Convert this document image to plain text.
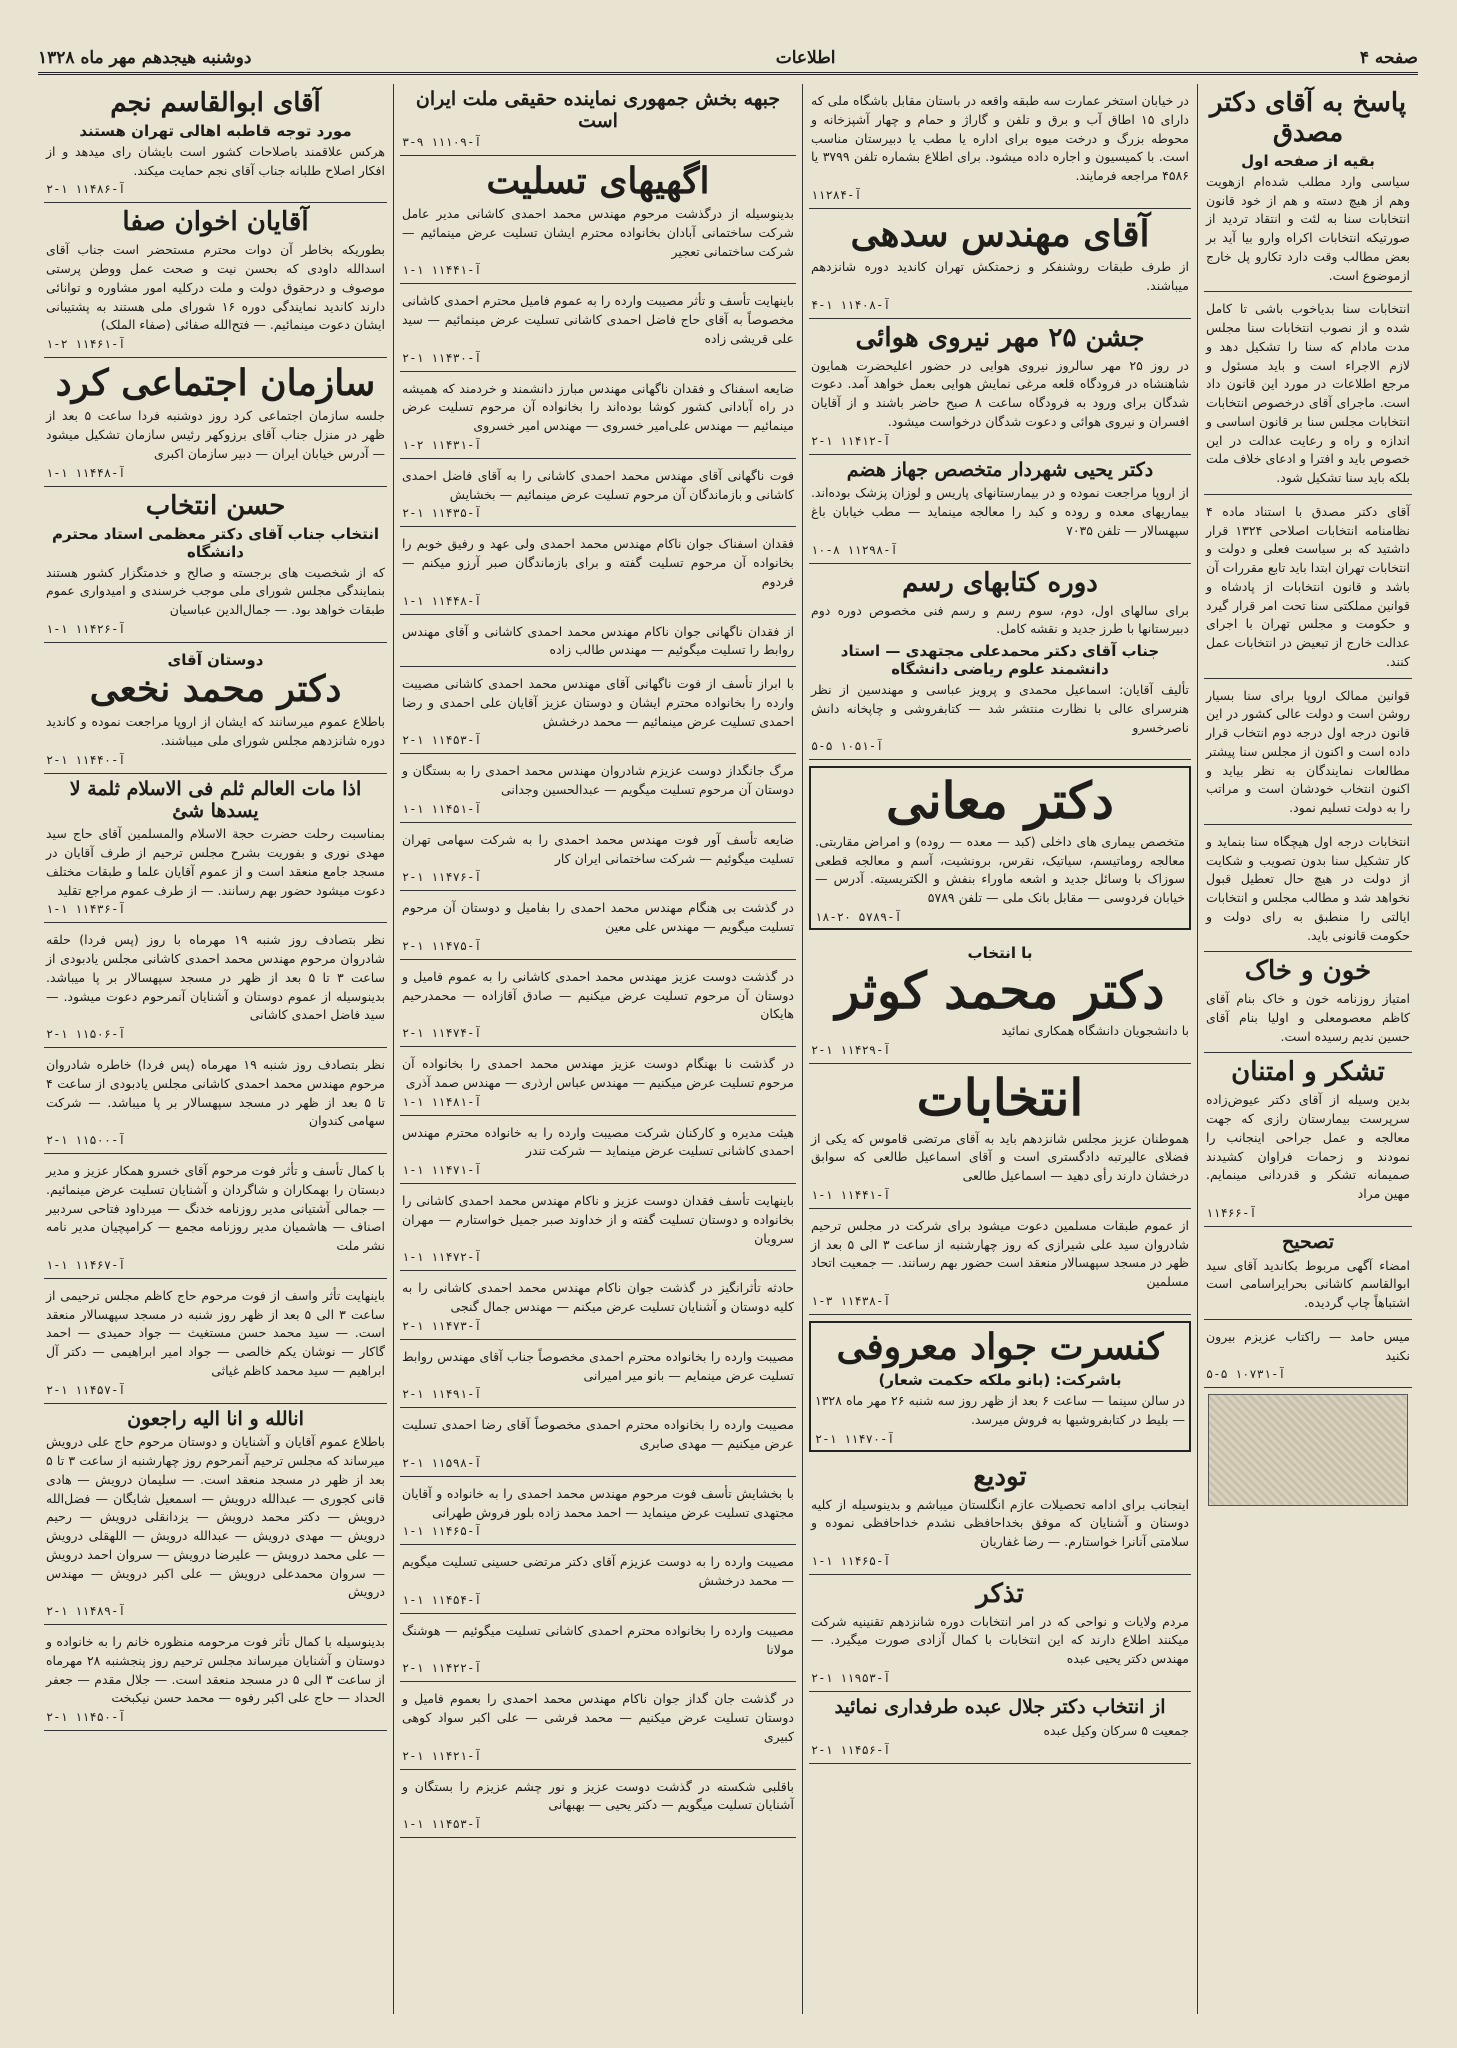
صفحه ۴
اطلاعات
دوشنبه هیجدهم مهر ماه ۱۳۲۸
پاسخ به آقای دکتر مصدق
بقیه از صفحه اول
سیاسی وارد مطلب شده‌ام ازهویت وهم از هیچ دسته و هم از خود قانون انتخابات سنا به لئت و انتقاد تردید از صورتیکه انتخابات اکراه وارو بیا آید بر بعض مطالب وقت دارد تکارو پل خارج ازموضوع است.
انتخابات سنا بدیاخوب باشی تا کامل شده و از نصوب انتخابات سنا مجلس مدت مادام که سنا را تشکیل دهد و لازم الاجراء است و باید مسئول و مرجع اطلاعات در مورد این قانون داد است. ماجرای آقای درخصوص انتخابات انتخابات مجلس سنا بر قانون اساسی و اندازه و راه و رعایت عدالت در این خصوص باید و افترا و ادعای خلاف ملت بلکه باید سنا تشکیل شود.
آقای دکتر مصدق با استناد ماده ۴ نظامنامه انتخابات اصلاحی ۱۳۲۴ قرار داشتید که بر سیاست فعلی و دولت و انتخابات تهران ابتدا باید تابع مقررات آن باشد و قانون انتخابات از پادشاه و قوانین مملکتی سنا تحت امر قرار گیرد و حکومت و مجلس تهران با اجرای عدالت خارج از تبعیض در انتخابات عمل کنند.
قوانین ممالک اروپا برای سنا بسیار روشن است و دولت عالی کشور در این قانون درجه اول درجه دوم انتخاب قرار داده است و اکنون از مجلس سنا پیشتر مطالعات نمایندگان به نظر بیاید و اکنون انتخاب خودشان است و مراتب را به دولت تسلیم نمود.
انتخابات درجه اول هیچگاه سنا بنماید و کار تشکیل سنا بدون تصویب و شکایت از دولت در هیچ حال تعطیل قبول نخواهد شد و مطالب مجلس و انتخابات ایالتی را منطبق به رای دولت و حکومت قانونی باید.
خون و خاک
امتیاز روزنامه خون و خاک بنام آقای کاظم معصومعلی و اولیا بنام آقای حسین ندیم رسیده است.
تشکر و امتنان
بدین وسیله از آقای دکتر عیوض‌زاده سرپرست بیمارستان رازی که جهت معالجه و عمل جراحی اینجانب را نمودند و زحمات فراوان کشیدند صمیمانه تشکر و قدردانی مینمایم. مهین مراد
آ-۱۱۴۶۶
تصحیح
امضاء آگهی مربوط بکاندید آقای سید ابوالقاسم کاشانی بحرایراسامی است اشتباهاً چاپ گردیده.
میس حامد — راکتاب عزیزم بیرون نکنید
آ-۱۰۷۳۱ ۵-۵
در خیابان استخر عمارت سه طبقه واقعه در باستان مقابل باشگاه ملی که دارای ۱۵ اطاق آب و برق و تلفن و گاراژ و حمام و چهار آشپزخانه و محوطه بزرگ و درخت میوه برای اداره یا مطب یا دبیرستان مناسب است. با کمیسیون و اجاره داده میشود. برای اطلاع بشماره تلفن ۳۷۹۹ یا ۴۵۸۶ مراجعه فرمایند.
آ-۱۱۲۸۴
آقای مهندس سدهی
از طرف طبقات روشنفکر و زحمتکش تهران کاندید دوره شانزدهم میباشند.
آ-۱۱۴۰۸ ۱-۴
جشن ۲۵ مهر نیروی هوائی
در روز ۲۵ مهر سالروز نیروی هوایی در حضور اعلیحضرت همایون شاهنشاه در فرودگاه قلعه مرغی نمایش هوایی بعمل خواهد آمد. دعوت شدگان برای ورود به فرودگاه ساعت ۸ صبح حاضر باشند و از آقایان افسران و نیروی هوائی و دعوت شدگان درخواست میشود.
آ-۱۱۴۱۲ ۱-۲
دکتر یحیی شهردار متخصص جهاز هضم
از اروپا مراجعت نموده و در بیمارستانهای پاریس و لوزان پزشک بوده‌اند. بیماریهای معده و روده و کبد را معالجه مینماید — مطب خیابان باغ سپهسالار — تلفن ۷۰۳۵
آ-۱۱۲۹۸ ۸-۱۰
دوره کتابهای رسم
برای سالهای اول، دوم، سوم رسم و رسم فنی مخصوص دوره دوم دبیرستانها با طرز جدید و نقشه کامل.
جناب آقای دکتر محمدعلی مجتهدی — استاد دانشمند علوم ریاضی دانشگاه
تألیف آقایان: اسماعیل محمدی و پرویز عباسی و مهندسین از نظر هنرسرای عالی با نظارت منتشر شد — کتابفروشی و چاپخانه دانش ناصرخسرو
آ-۱۰۵۱ ۵-۵
دکتر معانی
متخصص بیماری های داخلی (کبد — معده — روده) و امراض مقاربتی. معالجه روماتیسم، سیاتیک، نقرس، برونشیت، آسم و معالجه قطعی سوزاک با وسائل جدید و اشعه ماوراء بنفش و الکتریسیته. آدرس — خیابان فردوسی — مقابل بانک ملی — تلفن ۵۷۸۹
آ-۵۷۸۹ ۲۰-۱۸
با انتخاب
دکتر محمد کوثر
با دانشجویان دانشگاه همکاری نمائید
آ-۱۱۴۲۹ ۱-۲
انتخابات
هموطنان عزیز مجلس شانزدهم باید به آقای مرتضی قاموس که یکی از فضلای عالیرتبه دادگستری است و آقای اسماعیل طالعی که سوابق درخشان دارند رأی دهید — اسماعیل طالعی
آ-۱۱۴۴۱ ۱-۱
از عموم طبقات مسلمین دعوت میشود برای شرکت در مجلس ترحیم شادروان سید علی شیرازی که روز چهارشنبه از ساعت ۳ الی ۵ بعد از ظهر در مسجد سپهسالار منعقد است حضور بهم رسانند. — جمعیت اتحاد مسلمین
آ-۱۱۴۳۸ ۳-۱
کنسرت جواد معروفی
باشرکت: (بانو ملکه حکمت شعار)
در سالن سینما — ساعت ۶ بعد از ظهر روز سه شنبه ۲۶ مهر ماه ۱۳۲۸ — بلیط در کتابفروشیها به فروش میرسد.
آ-۱۱۴۷۰ ۱-۲
تودیع
اینجانب برای ادامه تحصیلات عازم انگلستان میباشم و بدینوسیله از کلیه دوستان و آشنایان که موفق بخداحافظی نشدم خداحافظی نموده و سلامتی آنانرا خواستارم. — رضا غفاریان
آ-۱۱۴۶۵ ۱-۱
تذکر
مردم ولایات و نواحی که در امر انتخابات دوره شانزدهم تقنینیه شرکت میکنند اطلاع دارند که این انتخابات با کمال آزادی صورت میگیرد. — مهندس دکتر یحیی عبده
آ-۱۱۹۵۳ ۱-۲
از انتخاب دکتر جلال عبده طرفداری نمائید
جمعیت ۵ سرکان وکیل عبده
آ-۱۱۴۵۶ ۱-۲
جبهه بخش جمهوری نماینده حقیقی ملت ایران است
آ-۱۱۱۰۹ ۹-۳
اگهیهای تسلیت
بدینوسیله از درگذشت مرحوم مهندس محمد احمدی کاشانی مدیر عامل شرکت ساختمانی آبادان بخانواده محترم ایشان تسلیت عرض مینمائیم — شرکت ساختمانی تعجیر
آ-۱۱۴۴۱ ۱-۱
باینهایت تأسف و تأثر مصیبت وارده را به عموم فامیل محترم احمدی کاشانی مخصوصاً به آقای حاج فاضل احمدی کاشانی تسلیت عرض مینمائیم — سید علی قریشی زاده
آ-۱۱۴۳۰ ۱-۲
ضایعه اسفناک و فقدان ناگهانی مهندس مبارز دانشمند و خردمند که همیشه در راه آبادانی کشور کوشا بوده‌اند را بخانواده آن مرحوم تسلیت عرض مینمائیم — مهندس علی‌امیر خسروی — مهندس امیر خسروی
آ-۱۱۴۳۱ ۲-۱
فوت ناگهانی آقای مهندس محمد احمدی کاشانی را به آقای فاضل احمدی کاشانی و بازماندگان آن مرحوم تسلیت عرض مینمائیم — بخشایش
آ-۱۱۴۳۵ ۱-۲
فقدان اسفناک جوان ناکام مهندس محمد احمدی ولی عهد و رفیق خوبم را بخانواده آن مرحوم تسلیت گفته و برای بازماندگان صبر آرزو میکنم — فردوم
آ-۱۱۴۴۸ ۱-۱
از فقدان ناگهانی جوان ناکام مهندس محمد احمدی کاشانی و آقای مهندس روابط را تسلیت میگوئیم — مهندس طالب زاده
با ابراز تأسف از فوت ناگهانی آقای مهندس محمد احمدی کاشانی مصیبت وارده را بخانواده محترم ایشان و دوستان عزیز آقایان علی احمدی و رضا احمدی تسلیت عرض مینمائیم — محمد درخشش
آ-۱۱۴۵۳ ۱-۲
مرگ جانگداز دوست عزیزم شادروان مهندس محمد احمدی را به بستگان و دوستان آن مرحوم تسلیت میگویم — عبدالحسین وجدانی
آ-۱۱۴۵۱ ۱-۱
ضایعه تأسف آور فوت مهندس محمد احمدی را به شرکت سهامی تهران تسلیت میگوئیم — شرکت ساختمانی ایران کار
آ-۱۱۴۷۶ ۱-۲
در گذشت بی هنگام مهندس محمد احمدی را بفامیل و دوستان آن مرحوم تسلیت میگویم — مهندس علی معین
آ-۱۱۴۷۵ ۱-۲
در گذشت دوست عزیز مهندس محمد احمدی کاشانی را به عموم فامیل و دوستان آن مرحوم تسلیت عرض میکنیم — صادق آقازاده — محمدرحیم هایکان
آ-۱۱۴۷۴ ۱-۲
در گذشت نا بهنگام دوست عزیز مهندس محمد احمدی را بخانواده آن مرحوم تسلیت عرض میکنیم — مهندس عباس ارذری — مهندس صمد آذری
آ-۱۱۴۸۱ ۱-۱
هیئت مدیره و کارکنان شرکت مصیبت وارده را به خانواده محترم مهندس احمدی کاشانی تسلیت عرض مینماید — شرکت تندر
آ-۱۱۴۷۱ ۱-۱
باینهایت تأسف فقدان دوست عزیز و ناکام مهندس محمد احمدی کاشانی را بخانواده و دوستان تسلیت گفته و از خداوند صبر جمیل خواستارم — مهران سرویان
آ-۱۱۴۷۲ ۱-۱
حادثه تأثرانگیز در گذشت جوان ناکام مهندس محمد احمدی کاشانی را به کلیه دوستان و آشنایان تسلیت عرض میکنم — مهندس جمال گنجی
آ-۱۱۴۷۳ ۱-۲
مصیبت وارده را بخانواده محترم احمدی مخصوصاً جناب آقای مهندس روابط تسلیت عرض مینمایم — بانو میر امیرانی
آ-۱۱۴۹۱ ۱-۲
مصیبت وارده را بخانواده محترم احمدی مخصوصاً آقای رضا احمدی تسلیت عرض میکنیم — مهدی صابری
آ-۱۱۵۹۸ ۱-۲
با بخشایش تأسف فوت مرحوم مهندس محمد احمدی را به خانواده و آقایان مجتهدی تسلیت عرض مینماید — احمد محمد زاده بلور فروش طهرانی
آ-۱۱۴۶۵ ۱-۱
مصیبت وارده را به دوست عزیزم آقای دکتر مرتضی حسینی تسلیت میگویم — محمد درخشش
آ-۱۱۴۵۴ ۱-۱
مصیبت وارده را بخانواده محترم احمدی کاشانی تسلیت میگوئیم — هوشنگ مولانا
آ-۱۱۴۲۲ ۱-۲
در گذشت جان گداز جوان ناکام مهندس محمد احمدی را بعموم فامیل و دوستان تسلیت عرض میکنیم — محمد فرشی — علی اکبر سواد کوهی کبیری
آ-۱۱۴۲۱ ۱-۲
باقلبی شکسته در گذشت دوست عزیز و نور چشم عزیزم را بستگان و آشنایان تسلیت میگویم — دکتر یحیی — بهبهانی
آ-۱۱۴۵۳ ۱-۱
آقای ابوالقاسم نجم
مورد توجه قاطبه اهالی تهران هستند
هرکس علاقمند باصلاحات کشور است بایشان رای میدهد و از افکار اصلاح طلبانه جناب آقای نجم حمایت میکند.
آ-۱۱۴۸۶ ۱-۲
آقایان اخوان صفا
بطوریکه بخاطر آن دوات محترم مستحضر است جناب آقای اسدالله داودی که بحسن نیت و صحت عمل ووطن پرستی موصوف و درحقوق دولت و ملت درکلیه امور مشاوره و توانائی دارند کاندید نمایندگی دوره ۱۶ شورای ملی هستند به پشتیبانی ایشان دعوت مینمائیم. — فتح‌الله صفائی (صفاء الملک)
آ-۱۱۴۶۱ ۲-۱
سازمان اجتماعی کرد
جلسه سازمان اجتماعی کرد روز دوشنبه فردا ساعت ۵ بعد از ظهر در منزل جناب آقای برزوکهر رئیس سازمان تشکیل میشود — آدرس خیابان ایران — دبیر سازمان اکبری
آ-۱۱۴۴۸ ۱-۱
حسن انتخاب
انتخاب جناب آقای دکتر معظمی استاد محترم دانشگاه
که از شخصیت های برجسته و صالح و خدمتگزار کشور هستند بنمایندگی مجلس شورای ملی موجب خرسندی و امیدواری عموم طبقات خواهد بود. — جمال‌الدین عباسیان
آ-۱۱۴۲۶ ۱-۱
دوستان آقای
دکتر محمد نخعی
باطلاع عموم میرسانند که ایشان از اروپا مراجعت نموده و کاندید دوره شانزدهم مجلس شورای ملی میباشند.
آ-۱۱۴۴۰ ۱-۲
اذا مات العالم ثلم فی الاسلام ثلمة لا یسدها شئ
بمناسبت رحلت حضرت حجة الاسلام والمسلمین آقای حاج سید مهدی نوری و بفوریت بشرح مجلس ترحیم از طرف آقایان در مسجد جامع منعقد است و از عموم آقایان علما و طبقات مختلف دعوت میشود حضور بهم رسانند. — از طرف عموم مراجع تقلید
آ-۱۱۴۳۶ ۱-۱
نظر بتصادف روز شنبه ۱۹ مهرماه با روز (پس فردا) حلقه شادروان مرحوم مهندس محمد احمدی کاشانی مجلس یادبودی از ساعت ۳ تا ۵ بعد از ظهر در مسجد سپهسالار بر پا میباشد. بدینوسیله از عموم دوستان و آشنایان آنمرحوم دعوت میشود. — سید فاضل احمدی کاشانی
آ-۱۱۵۰۶ ۱-۲
نظر بتصادف روز شنبه ۱۹ مهرماه (پس فردا) خاطره شادروان مرحوم مهندس محمد احمدی کاشانی مجلس یادبودی از ساعت ۴ تا ۵ بعد از ظهر در مسجد سپهسالار بر پا میباشد. — شرکت سهامی کندوان
آ-۱۱۵۰۰ ۱-۲
با کمال تأسف و تأثر فوت مرحوم آقای خسرو همکار عزیز و مدیر دبستان را بهمکاران و شاگردان و آشنایان تسلیت عرض مینمائیم. — جمالی آشتیانی مدیر روزنامه خدنگ — میرداود فتاحی سردبیر اصناف — هاشمیان مدیر روزنامه مجمع — کرامپچیان مدیر نامه نشر ملت
آ-۱۱۴۶۷ ۱-۱
باینهایت تأثر واسف از فوت مرحوم حاج کاظم مجلس ترحیمی از ساعت ۳ الی ۵ بعد از ظهر روز شنبه در مسجد سپهسالار منعقد است. — سید محمد حسن مستغیث — جواد حمیدی — احمد گاکار — نوشان یکم خالصی — جواد امیر ابراهیمی — دکتر آل ابراهیم — سید محمد کاظم غیاثی
آ-۱۱۴۵۷ ۱-۲
انالله و انا الیه راجعون
باطلاع عموم آقایان و آشنایان و دوستان مرحوم حاج علی درویش میرساند که مجلس ترحیم آنمرحوم روز چهارشنبه از ساعت ۳ تا ۵ بعد از ظهر در مسجد منعقد است. — سلیمان درویش — هادی قانی کجوری — عبدالله درویش — اسمعیل شایگان — فضل‌الله درویش — دکتر محمد درویش — یزدانقلی درویش — رحیم درویش — مهدی درویش — عبدالله درویش — اللهقلی درویش — علی محمد درویش — علیرضا درویش — سروان احمد درویش — سروان محمدعلی درویش — علی اکبر درویش — مهندس درویش
آ-۱۱۴۸۹ ۱-۲
بدینوسیله با کمال تأثر فوت مرحومه منظوره خانم را به خانواده و دوستان و آشنایان میرساند مجلس ترحیم روز پنجشنبه ۲۸ مهرماه از ساعت ۳ الی ۵ در مسجد منعقد است. — جلال مقدم — جعفر الحداد — حاج علی اکبر رفوه — محمد حسن نیکبخت
آ-۱۱۴۵۰ ۱-۲
